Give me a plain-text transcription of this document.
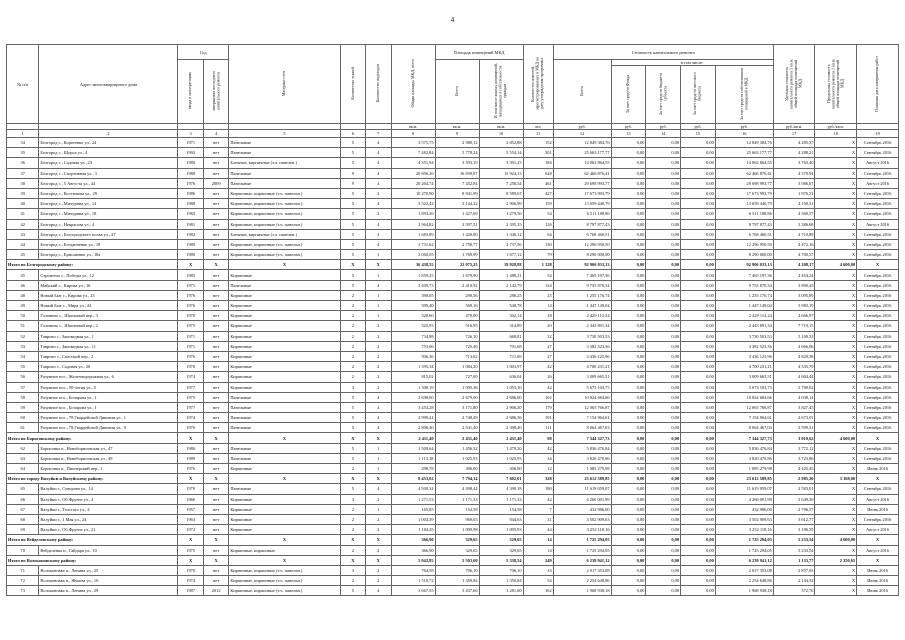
4
№ п/п	Адрес многоквартирного дома	Год		Материал стен	Количество этажей	Количество подъездов	Общая площадь МКД, всего	Площадь помещений МКД		Количество жителей, зарегистрированных в МКД на дату утверждения программы	Стоимость капитального ремонта					Удельная стоимость капитального ремонта 1 кв.м. общей площади помещений МКД	Предельная стоимость капитального ремонта 1 кв.м. общей площади помещений МКД	Плановая дата завершения работ
		ввода в эксплуатацию	завершения последнего капитального ремонта					Всего	В том числе жилых помещений, находящихся в собственности граждан		Всего	в том числе:						
												За счет средств Фонда	За счет средств бюджета субъекта	За счет средств местного бюджета	За счет средств собственников помещений в МКД			
							кв.м.	кв.м.	кв.м.	чел.	руб.	руб.	руб.	руб.	руб.	руб./кв.м.	руб./кв.м.	
1	2	3	4	5	6	7	8	9	10	11	12	13	14	15	16	17	18	19
34	Белгород с., Коротенко ул., 24	1971	нет	Панельные	5	4	3 575,75	2 980,12	2 852,88	152	12 849 384,76	0,00	0,00	0,00	12 849 384,76	4 285,37	Х	Сентябрь 2016
35	Белгород с., Щорса ул., 4	1992	нет	Панельные	5	4	7 482,84	5 778,24	5 554,14	301	25 663 177,77	0,00	0,00	0,00	25 663 177,77	4 288,21	Х	Сентябрь 2016
36	Белгород с., Садовая ул., 23	1980	нет	Блочные, кирпичные (т.ч. панельн.)	5	4	4 351,94	3 593,19	3 391,25	184	14 062 864,55	0,00	0,00	0,00	14 062 864,55	3 763,40	Х	Август 2016
37	Белгород с., Спортивная ул., 3	1980	нет	Панельные	9	4	20 690,26	16 839,87	15 924,13	628	62 466 876,41	0,00	0,00	0,00	62 466 876,41	4 370,94	Х	Сентябрь 2016
38	Белгород с., 5 Августа ул., 44	1976	2009	Панельные	9	4	20 264,74	7 452,84	7 258,34	461	29 698 993,77	0,00	0,00	0,00	29 698 993,77	3 986,67	Х	Август 2016
39	Белгород с., Костюкова ул., 29	1986	нет	Кирпичные, кирпичные (т.ч. панельн.)	5	2	10 270,90	8 941,99	8 589,67	427	17 673 993,79	0,00	0,00	0,00	17 673 993,79	1 976,51	Х	Сентябрь 2016
40	Белгород с., Мичурина ул., 14	1988	нет	Кирпичные, кирпичные (т.ч. панельн.)	5	4	3 522,42	3 144,22	2 906,99	159	13 659 440,79	0,00	0,00	0,00	13 659 440,79	4 150,31	Х	Сентябрь 2016
41	Белгород с., Мичурина ул., 18	1965	нет	Кирпичные, кирпичные (т.ч. панельн.)	5	2	1 893,26	1 427,69	1 279,56	54	6 511 188,86	0,00	0,00	0,00	6 511 188,86	4 560,57	Х	Сентябрь 2016
42	Белгород с., Некрасова ул., 4	1981	нет	Кирпичные, кирпичные (т.ч. панельн.)	5	4	2 964,82	2 597,51	2 395,35	126	8 797 877,43	0,00	0,00	0,00	8 797 877,43	3 386,68	Х	Август 2016
43	Белгород с., Белгородского полка ул., 27	1982	нет	Блочные, кирпичные (т.ч. панельн.)	5	3	1 683,89	1 420,80	1 346,12	64	6 768 460,51	0,00	0,00	0,00	6 768 460,51	4 710,89	Х	Сентябрь 2016
44	Белгород с., Богданченко ул., 18	1989	нет	Кирпичные, кирпичные (т.ч. панельн.)	5	4	3 731,62	2 758,77	2 737,56	130	12 296 950,50	0,00	0,00	0,00	12 296 950,50	4 472,16	Х	Сентябрь 2016
45	Белгород с., Ермошенко ул., 18а	1980	нет	Кирпичные, кирпичные (т.ч. панельн.)	5	1	2 060,05	1 769,99	1 677,12	79	8 290 000,00	0,00	0,00	0,00	8 290 000,00	4 700,57	Х	Сентябрь 2016
Итого по Белгородскому району:		Х	Х	Х	Х	Х	36 438,55	22 075,25	19 928,88	1 128	92 906 033,13	0,00	0,00	0,00	92 906 033,13	4 208,17	4 600,00	Х
45	Строитель с., Победы ул., 12	1985	нет	Кирпичные	5	1	1 859,25	1 679,90	1 488,21	54	7 465 197,36	0,00	0,00	0,00	7 465 197,36	4 454,24	Х	Сентябрь 2016
46	Майский с., Кирова ул., 16	1971	нет	Панельные	5	4	2 409,73	2 410,92	2 142,79	124	9 755 870,34	0,00	0,00	0,00	9 755 870,34	3 890,45	Х	Сентябрь 2016
48	Новый Быт с., Кирова ул., 23	1976	нет	Кирпичные	2	1	590,05	290,56	286,25	25	1 255 176,74	0,00	0,00	0,00	1 255 176,74	3 095,89	Х	Сентябрь 2016
49	Новый Быт с., Мира ул., 24	1976	нет	Кирпичные	2	1	599,40	569,16	540,78	14	1 447 149,04	0,00	0,00	0,00	1 447 149,04	5 983,19	Х	Сентябрь 2016
50	Головино с., Школьный пер., 3	1970	нет	Кирпичные	2	1	520,60	470,00	302,14	18	2 429 112,24	0,00	0,00	0,00	2 429 112,24	4 666,97	Х	Сентябрь 2016
51	Головино с., Школьный пер., 2	1975	нет	Кирпичные	2	2	525,93	516,95	314,89	20	2 443 891,34	0,00	0,00	0,00	2 443 891,34	7 719,15	Х	Сентябрь 2016
52	Таврово с., Заповедная ул., 1	1971	нет	Кирпичные	2	2	734,98	726,10	668,81	32	3 730 503,53	0,00	0,00	0,00	3 730 503,53	5 100,33	Х	Сентябрь 2016
53	Таврово с., Заповедная ул., 11	1971	нет	Кирпичные	2	2	753,06	725,46	701,68	27	3 382 523,36	0,00	0,00	0,00	3 382 523,36	4 666,06	Х	Сентябрь 2016
54	Таврово с., Спасский пер., 2	1976	нет	Кирпичные	2	2	936,36	713,62	711,69	27	3 436 125,96	0,00	0,00	0,00	3 436 125,96	4 829,38	Х	Сентябрь 2016
55	Таврово с., Садовая ул., 20	1970	нет	Кирпичные	2	2	1 395,34	1 084,20	1 003,97	42	4 700 231,21	0,00	0,00	0,00	4 700 231,21	4 335,79	Х	Сентябрь 2016
56	Разумное пос., Железнодорожная ул., 6	1974	нет	Кирпичные	2	2	815,02	727,69	636,04	26	3 009 665,51	0,00	0,00	0,00	3 009 665,51	4 604,44	Х	Сентябрь 2016
57	Разумное пос., 50-летия ул., 5	1977	нет	Кирпичные	3	2	1 300,19	1 095,36	1 053,10	42	5 673 103,75	0,00	0,00	0,00	5 673 103,75	5 780,02	Х	Сентябрь 2016
58	Разумное пос., Бочарова ул., 1	1975	нет	Панельные	5	4	2 698,00	2 679,00	2 686,00	102	10 824 684,66	0,00	0,00	0,00	10 824 684,66	4 038,14	Х	Сентябрь 2016
59	Разумное пос., Бочарова ул., 1	1977	нет	Панельные	5	4	3 454,28	3 171,80	2 906,20	179	12 065 766,87	0,00	0,00	0,00	12 065 766,87	3 827,45	Х	Сентябрь 2016
60	Разумное пос., 78 Гвардейской Дивизии ул., 1	1974	нет	Панельные	5	4	2 999,41	2 748,49	2 686,56	101	7 154 964,61	0,00	0,00	0,00	7 154 964,61	2 673,91	Х	Сентябрь 2016
61	Разумное пос., 78 Гвардейской Дивизии ул., 9	1976	нет	Панельные	5	4	2 806,40	2 541,40	2 398,40	111	8 064 467,03	0,00	0,00	0,00	8 064 467,03	3 599,31	Х	Сентябрь 2016
Итого по Борисовскому району:		Х	Х	Х	Х	Х	2 411,40	2 431,40	2 431,40	98	7 344 327,73	0,00	0,00	0,00	7 344 327,73	3 019,62	4 600,00	Х
62	Борисовка п., Новоборисовская ул., 47	1986	нет	Панельные	5	1	1 509,64	1 456,52	1 479,20	42	5 836 476,84	0,00	0,00	0,00	5 836 476,84	3 772,12	Х	Сентябрь 2016
63	Борисовка п., Новоборисовская ул., 49	1989	нет	Панельные	5	1	1 113,18	1 025,93	1 025,93	34	3 820 470,86	0,00	0,00	0,00	3 820 470,86	3 723,86	Х	Сентябрь 2016
64	Борисовка п., Пионерский пер., 1	1976	нет	Кирпичные	2	1	298,78	306,00	306,00	12	1 085 279,98	0,00	0,00	0,00	1 085 279,98	4 425,45	Х	Июнь 2016
Итого по городу Валуйки и Валуйскому району:		Х	Х	Х	Х	Х	8 453,02	7 794,14	7 602,01	328	23 612 589,85	0,00	0,00	0,00	23 612 589,85	2 985,20	3 168,00	Х
65	Валуйки г., Суворова ул., 14	1970	нет	Панельные	5	4	4 930,34	4 498,44	4 398,18	180	11 619 059,07	0,00	0,00	0,00	11 619 059,07	2 583,01	Х	Сентябрь 2016
66	Валуйки г., Об.Фрунзе ул., 4	1966	нет	Кирпичные	3	2	1 271,53	1 171,33	1 171,33	42	4 266 001,99	0,00	0,00	0,00	4 266 001,99	3 649,30	Х	Август 2016
67	Валуйки г., Толстого ул., 4	1957	нет	Кирпичные	2	1	165,85	154,58	154,58	7	432 986,00	0,00	0,00	0,00	432 986,00	2 796,57	Х	Июнь 2016
68	Валуйки г., 1 Мая ул., 24	1963	нет	Кирпичные	2	2	1 004,39	969,63	944,63	31	3 502 909,63	0,00	0,00	0,00	3 502 909,63	3 612,77	Х	Сентябрь 2016
69	Валуйки г., Об.Фрунзе ул., 21	1972	нет	Кирпичные	2	2	1 184,45	1 099,98	1 005,93	44	3 252 118,16	0,00	0,00	0,00	3 252 118,16	3 196,55	Х	Август 2016
Итого по Вейделевскому району:		Х	Х	Х	Х	Х	366,90	329,65	329,65	14	1 725 294,05	0,00	0,00	0,00	1 725 294,05	5 233,54	4 600,00	Х
70	Вейделевка п., Гайдара ул., 10	1975	нет	Кирпичные, кирпичные	2	2	366,90	329,65	329,65	14	1 725 294,05	0,00	0,00	0,00	1 725 294,05	5 233,54	Х	Август 2016
Итого по Волоконовскому району:		Х	Х	Х	Х	Х	5 942,85	5 503,60	5 338,54	249	6 239 941,12	0,00	0,00	0,00	6 239 941,12	1 133,77	2 250,65	Х
71	Волоконовка п., Ленина ул., 25	1970	нет	Кирпичные, кирпичные (т.ч. панельн.)	3	2	764,58	706,10	706,10	33	2 017 353,08	0,00	0,00	0,00	2 017 353,08	2 857,03	Х	Июнь 2016
72	Волоконовка п., Жукова ул., 16	1974	нет	Кирпичные, кирпичные (т.ч. панельн.)	2	2	1 510,72	1 359,84	1 350,84	54	2 254 648,86	0,00	0,00	0,00	2 254 648,86	2 144,32	Х	Июнь 2016
73	Волоконовка п., Ленина ул., 29	1987	2012	Кирпичные, кирпичные (т.ч. панельн.)	5	4	3 667,55	3 437,66	3 281,60	162	1 968 938,18	0,00	0,00	0,00	1 968 938,18	572,76	Х	Июнь 2016
